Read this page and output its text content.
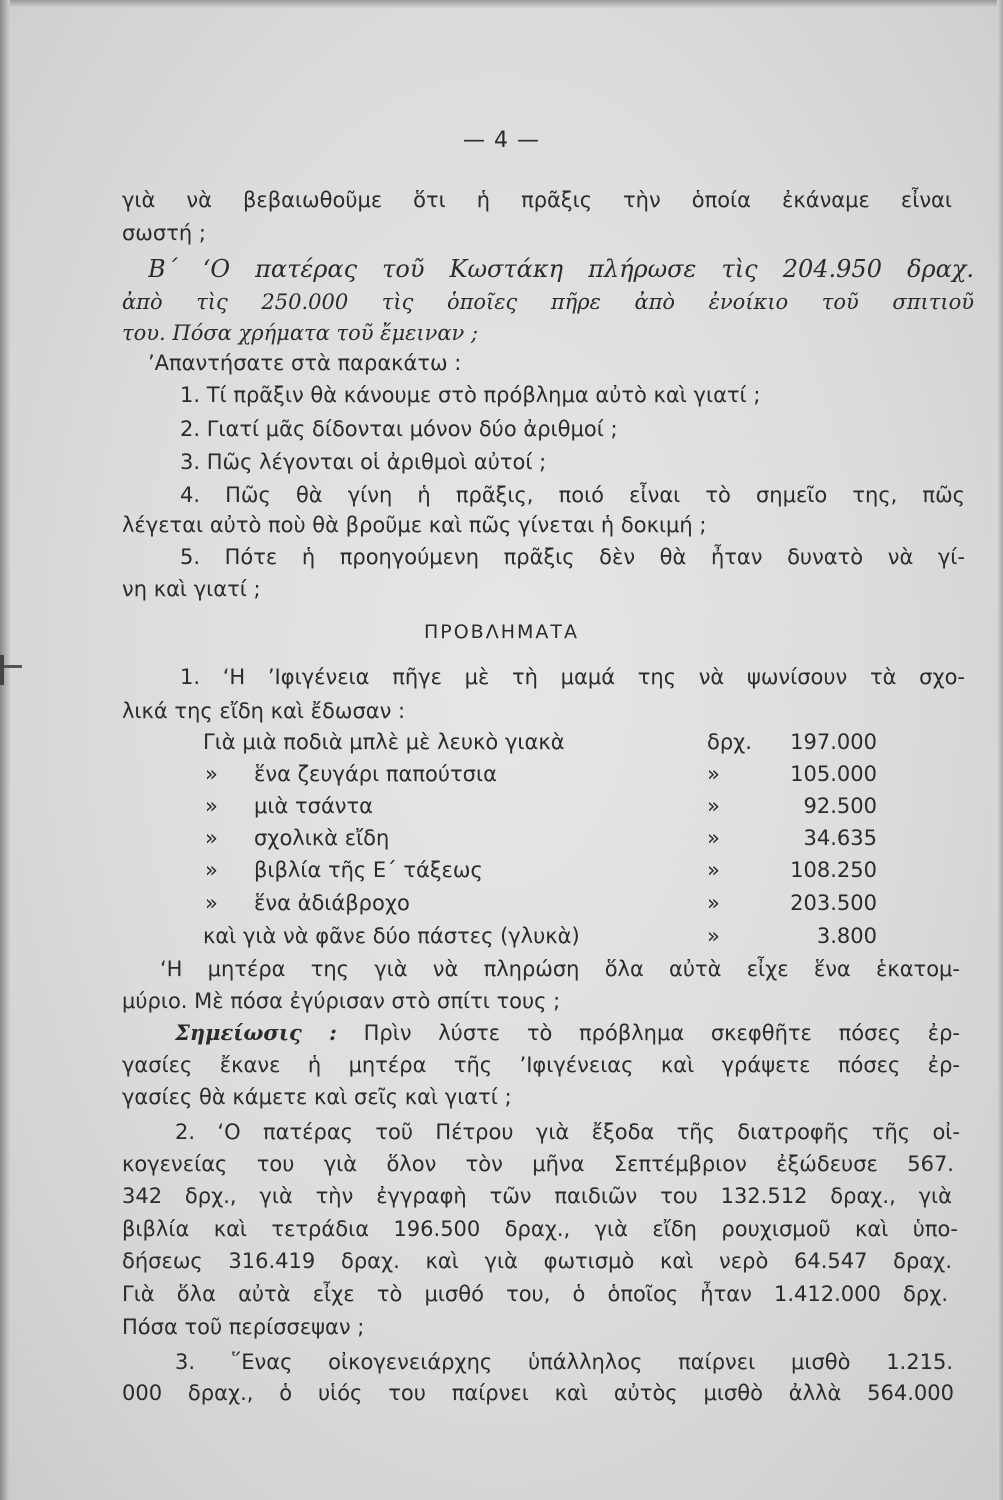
— 4 —
γιὰ νὰ βεβαιωθοῦμε ὅτι ἡ πρᾶξις τὴν ὁποία ἐκάναμε εἶναι
σωστή ;
Β΄ ‘Ο πατέρας τοῦ Κωστάκη πλήρωσε τὶς 204.950 δραχ.
ἀπὸ τὶς 250.000 τὶς ὁποῖες πῆρε ἀπὸ ἐνοίκιο τοῦ σπιτιοῦ
του. Πόσα χρήματα τοῦ ἔμειναν ;
’Απαντήσατε στὰ παρακάτω :
1. Τί πρᾶξιν θὰ κάνουμε στὸ πρόβλημα αὐτὸ καὶ γιατί ;
2. Γιατί μᾶς δίδονται μόνον δύο ἀριθμοί ;
3. Πῶς λέγονται οἱ ἀριθμοὶ αὐτοί ;
4. Πῶς θὰ γίνη ἡ πρᾶξις, ποιό εἶναι τὸ σημεῖο της, πῶς
λέγεται αὐτὸ ποὺ θὰ βροῦμε καὶ πῶς γίνεται ἡ δοκιμή ;
5. Πότε ἡ προηγούμενη πρᾶξις δὲν θὰ ἦταν δυνατὸ νὰ γί-
νη καὶ γιατί ;
ΠΡΟΒΛΗΜΑΤΑ
1. ‘Η ’Ιφιγένεια πῆγε μὲ τὴ μαμά της νὰ ψωνίσουν τὰ σχο-
λικά της εἴδη καὶ ἔδωσαν :
Γιὰ μιὰ ποδιὰ μπλὲ μὲ λευκὸ γιακὰ	δρχ.	197.000
» ἕνα ζευγάρι παπούτσια	»	105.000
» μιὰ τσάντα	»	92.500
» σχολικὰ εἴδη	»	34.635
» βιβλία τῆς Ε΄ τάξεως	»	108.250
» ἕνα ἀδιάβροχο	»	203.500
καὶ γιὰ νὰ φᾶνε δύο πάστες (γλυκὰ)	»	3.800
‘Η μητέρα της γιὰ νὰ πληρώση ὅλα αὐτὰ εἶχε ἕνα ἑκατομ-
μύριο. Μὲ πόσα ἐγύρισαν στὸ σπίτι τους ;
Σημείωσις : Πρὶν λύστε τὸ πρόβλημα σκεφθῆτε πόσες ἐρ-
γασίες ἔκανε ἡ μητέρα τῆς ’Ιφιγένειας καὶ γράψετε πόσες ἐρ-
γασίες θὰ κάμετε καὶ σεῖς καὶ γιατί ;
2. ‘Ο πατέρας τοῦ Πέτρου γιὰ ἔξοδα τῆς διατροφῆς τῆς οἰ-
κογενείας του γιὰ ὅλον τὸν μῆνα Σεπτέμβριον ἐξώδευσε 567.
342 δρχ., γιὰ τὴν ἐγγραφὴ τῶν παιδιῶν του 132.512 δραχ., γιὰ
βιβλία καὶ τετράδια 196.500 δραχ., γιὰ εἴδη ρουχισμοῦ καὶ ὑπο-
δήσεως 316.419 δραχ. καὶ γιὰ φωτισμὸ καὶ νερὸ 64.547 δραχ.
Γιὰ ὅλα αὐτὰ εἶχε τὸ μισθό του, ὁ ὁποῖος ἦταν 1.412.000 δρχ.
Πόσα τοῦ περίσσεψαν ;
3. ῞Ενας οἰκογενειάρχης ὑπάλληλος παίρνει μισθὸ 1.215.
000 δραχ., ὁ υἱός του παίρνει καὶ αὐτὸς μισθὸ ἀλλὰ 564.000
